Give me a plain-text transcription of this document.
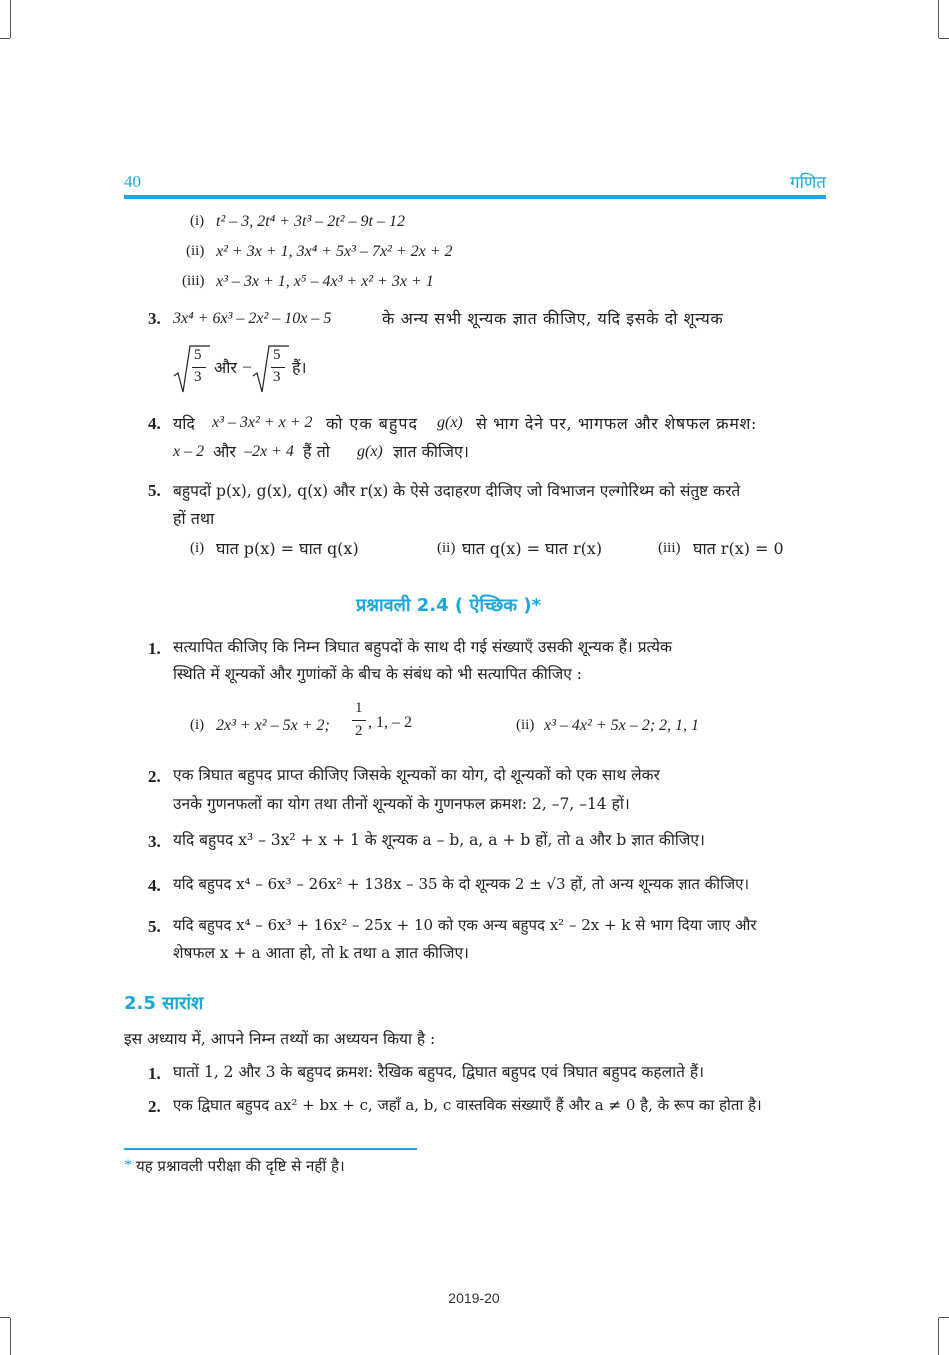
40	गणित
(i) t² – 3, 2t⁴ + 3t³ – 2t² – 9t – 12
(ii) x² + 3x + 1, 3x⁴ + 5x³ – 7x² + 2x + 2
(iii) x³ – 3x + 1, x⁵ – 4x³ + x² + 3x + 1
3. 3x⁴ + 6x³ – 2x² – 10x – 5	के अन्य सभी शून्यक ज्ञात कीजिए, यदि इसके दो शून्यक
5
3 और –
5
3 हैं।
4. यदि x³ – 3x² + x + 2 को एक बहुपद g(x) से भाग देने पर, भागफल और शेषफल क्रमश:
x – 2 और –2x + 4 हैं तो g(x) ज्ञात कीजिए।
5. बहुपदों p(x), g(x), q(x) और r(x) के ऐसे उदाहरण दीजिए जो विभाजन एल्गोरिथ्म को संतुष्ट करते
हों तथा
(i) घात p(x) = घात q(x)	(ii) घात q(x) = घात r(x)	(iii) घात r(x) = 0
प्रश्नावली 2.4 ( ऐच्छिक )*
1. सत्यापित कीजिए कि निम्न त्रिघात बहुपदों के साथ दी गई संख्याएँ उसकी शून्यक हैं। प्रत्येक
स्थिति में शून्यकों और गुणांकों के बीच के संबंध को भी सत्यापित कीजिए :
(i) 2x³ + x² – 5x + 2;
1
2 , 1, – 2	(ii) x³ – 4x² + 5x – 2; 2, 1, 1
2. एक त्रिघात बहुपद प्राप्त कीजिए जिसके शून्यकों का योग, दो शून्यकों को एक साथ लेकर
उनके गुणनफलों का योग तथा तीनों शून्यकों के गुणनफल क्रमश: 2, –7, –14 हों।
3. यदि बहुपद x³ – 3x² + x + 1 के शून्यक a – b, a, a + b हों, तो a और b ज्ञात कीजिए।
4. यदि बहुपद x⁴ – 6x³ – 26x² + 138x – 35 के दो शून्यक 2 ± √3 हों, तो अन्य शून्यक ज्ञात कीजिए।
5. यदि बहुपद x⁴ – 6x³ + 16x² – 25x + 10 को एक अन्य बहुपद x² – 2x + k से भाग दिया जाए और
शेषफल x + a आता हो, तो k तथा a ज्ञात कीजिए।
2.5 सारांश
इस अध्याय में, आपने निम्न तथ्यों का अध्ययन किया है :
1. घातों 1, 2 और 3 के बहुपद क्रमश: रैखिक बहुपद, द्विघात बहुपद एवं त्रिघात बहुपद कहलाते हैं।
2. एक द्विघात बहुपद ax² + bx + c, जहाँ a, b, c वास्तविक संख्याएँ हैं और a ≠ 0 है, के रूप का होता है।
* यह प्रश्नावली परीक्षा की दृष्टि से नहीं है।
2019-20
